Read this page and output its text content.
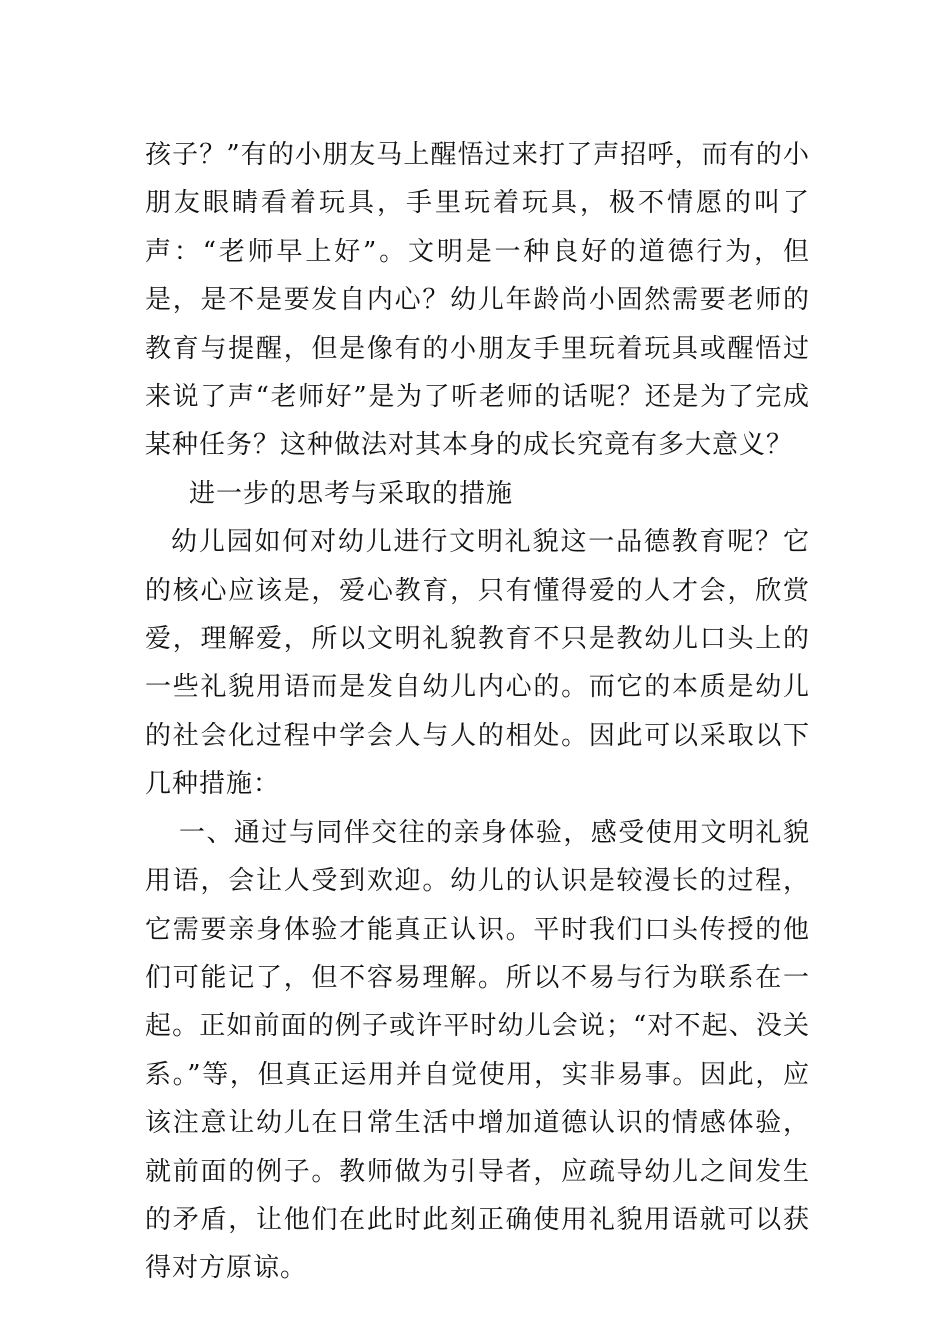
孩子？”有的小朋友马上醒悟过来打了声招呼，而有的小朋友眼睛看着玩具，手里玩着玩具，极不情愿的叫了声：“老师早上好”。文明是一种良好的道德行为，但是，是不是要发自内心？幼儿年龄尚小固然需要老师的教育与提醒，但是像有的小朋友手里玩着玩具或醒悟过来说了声“老师好”是为了听老师的话呢？还是为了完成某种任务？这种做法对其本身的成长究竟有多大意义？

进一步的思考与采取的措施

幼儿园如何对幼儿进行文明礼貌这一品德教育呢？它的核心应该是，爱心教育，只有懂得爱的人才会，欣赏爱，理解爱，所以文明礼貌教育不只是教幼儿口头上的一些礼貌用语而是发自幼儿内心的。而它的本质是幼儿的社会化过程中学会人与人的相处。因此可以采取以下几种措施：

一、通过与同伴交往的亲身体验，感受使用文明礼貌用语，会让人受到欢迎。幼儿的认识是较漫长的过程，它需要亲身体验才能真正认识。平时我们口头传授的他们可能记了，但不容易理解。所以不易与行为联系在一起。正如前面的例子或许平时幼儿会说；“对不起、没关系。”等，但真正运用并自觉使用，实非易事。因此，应该注意让幼儿在日常生活中增加道德认识的情感体验，就前面的例子。教师做为引导者，应疏导幼儿之间发生的矛盾，让他们在此时此刻正确使用礼貌用语就可以获得对方原谅。
